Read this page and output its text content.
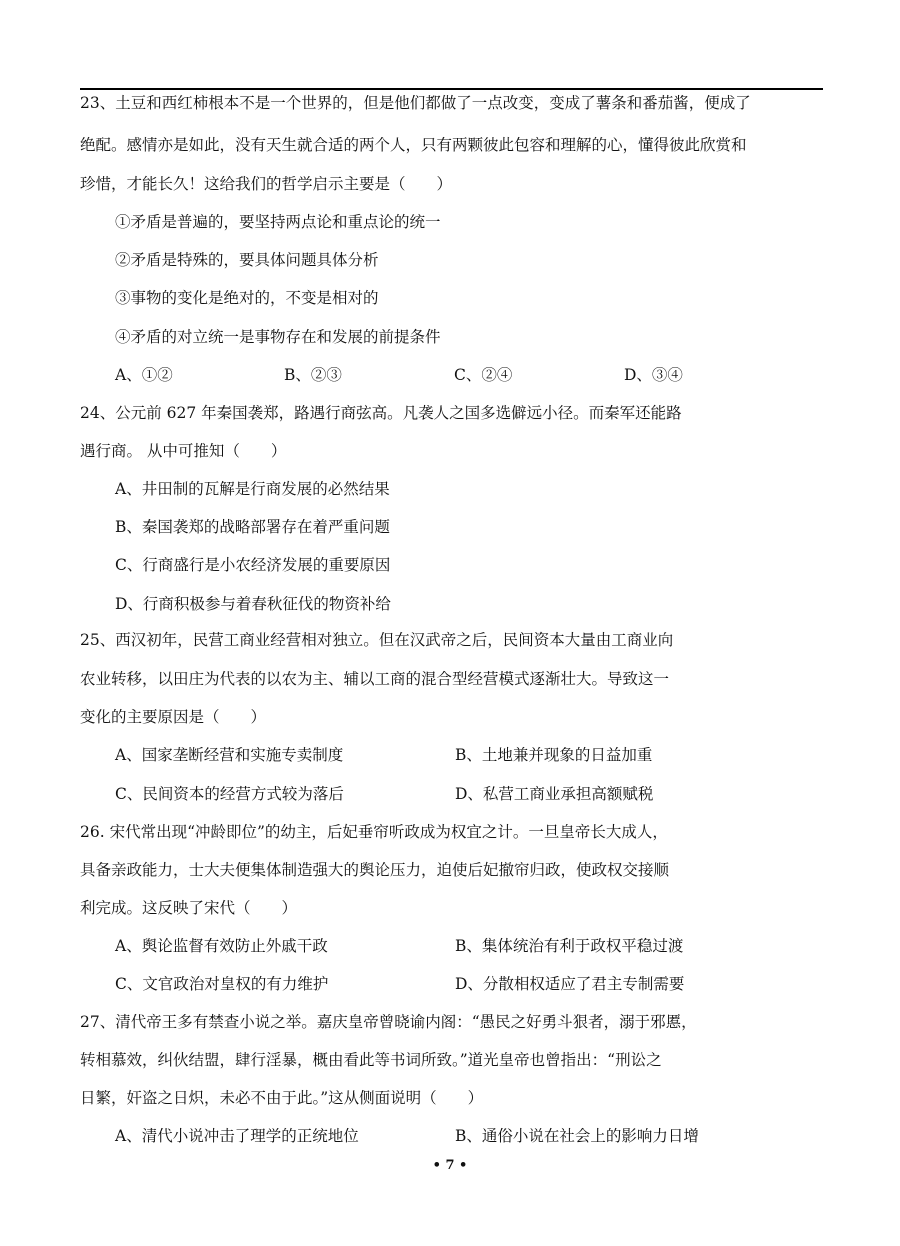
23、土豆和西红柿根本不是一个世界的，但是他们都做了一点改变，变成了薯条和番茄酱，便成了
绝配。感情亦是如此，没有天生就合适的两个人，只有两颗彼此包容和理解的心，懂得彼此欣赏和
珍惜，才能长久！这给我们的哲学启示主要是（　　）
①矛盾是普遍的，要坚持两点论和重点论的统一
②矛盾是特殊的，要具体问题具体分析
③事物的变化是绝对的，不变是相对的
④矛盾的对立统一是事物存在和发展的前提条件
A、①②	B、②③	C、②④	D、③④
24、公元前 627 年秦国袭郑，路遇行商弦高。凡袭人之国多选僻远小径。而秦军还能路
遇行商。 从中可推知（　　）
A、井田制的瓦解是行商发展的必然结果
B、秦国袭郑的战略部署存在着严重问题
C、行商盛行是小农经济发展的重要原因
D、行商积极参与着春秋征伐的物资补给
25、西汉初年，民营工商业经营相对独立。但在汉武帝之后，民间资本大量由工商业向
农业转移，以田庄为代表的以农为主、辅以工商的混合型经营模式逐渐壮大。导致这一
变化的主要原因是（　　）
A、国家垄断经营和实施专卖制度	B、土地兼并现象的日益加重
C、民间资本的经营方式较为落后	D、私营工商业承担高额赋税
26. 宋代常出现“冲龄即位”的幼主，后妃垂帘听政成为权宜之计。一旦皇帝长大成人，
具备亲政能力，士大夫便集体制造强大的舆论压力，迫使后妃撤帘归政，使政权交接顺
利完成。这反映了宋代（　　）
A、舆论监督有效防止外戚干政	B、集体统治有利于政权平稳过渡
C、文官政治对皇权的有力维护	D、分散相权适应了君主专制需要
27、清代帝王多有禁查小说之举。嘉庆皇帝曾晓谕内阁：“愚民之好勇斗狠者，溺于邪慝，
转相慕效，纠伙结盟，肆行淫暴，概由看此等书词所致。”道光皇帝也曾指出：“刑讼之
日繁，奸盗之日炽，未必不由于此。”这从侧面说明（　　）
A、清代小说冲击了理学的正统地位	B、通俗小说在社会上的影响力日增
• 7 •
